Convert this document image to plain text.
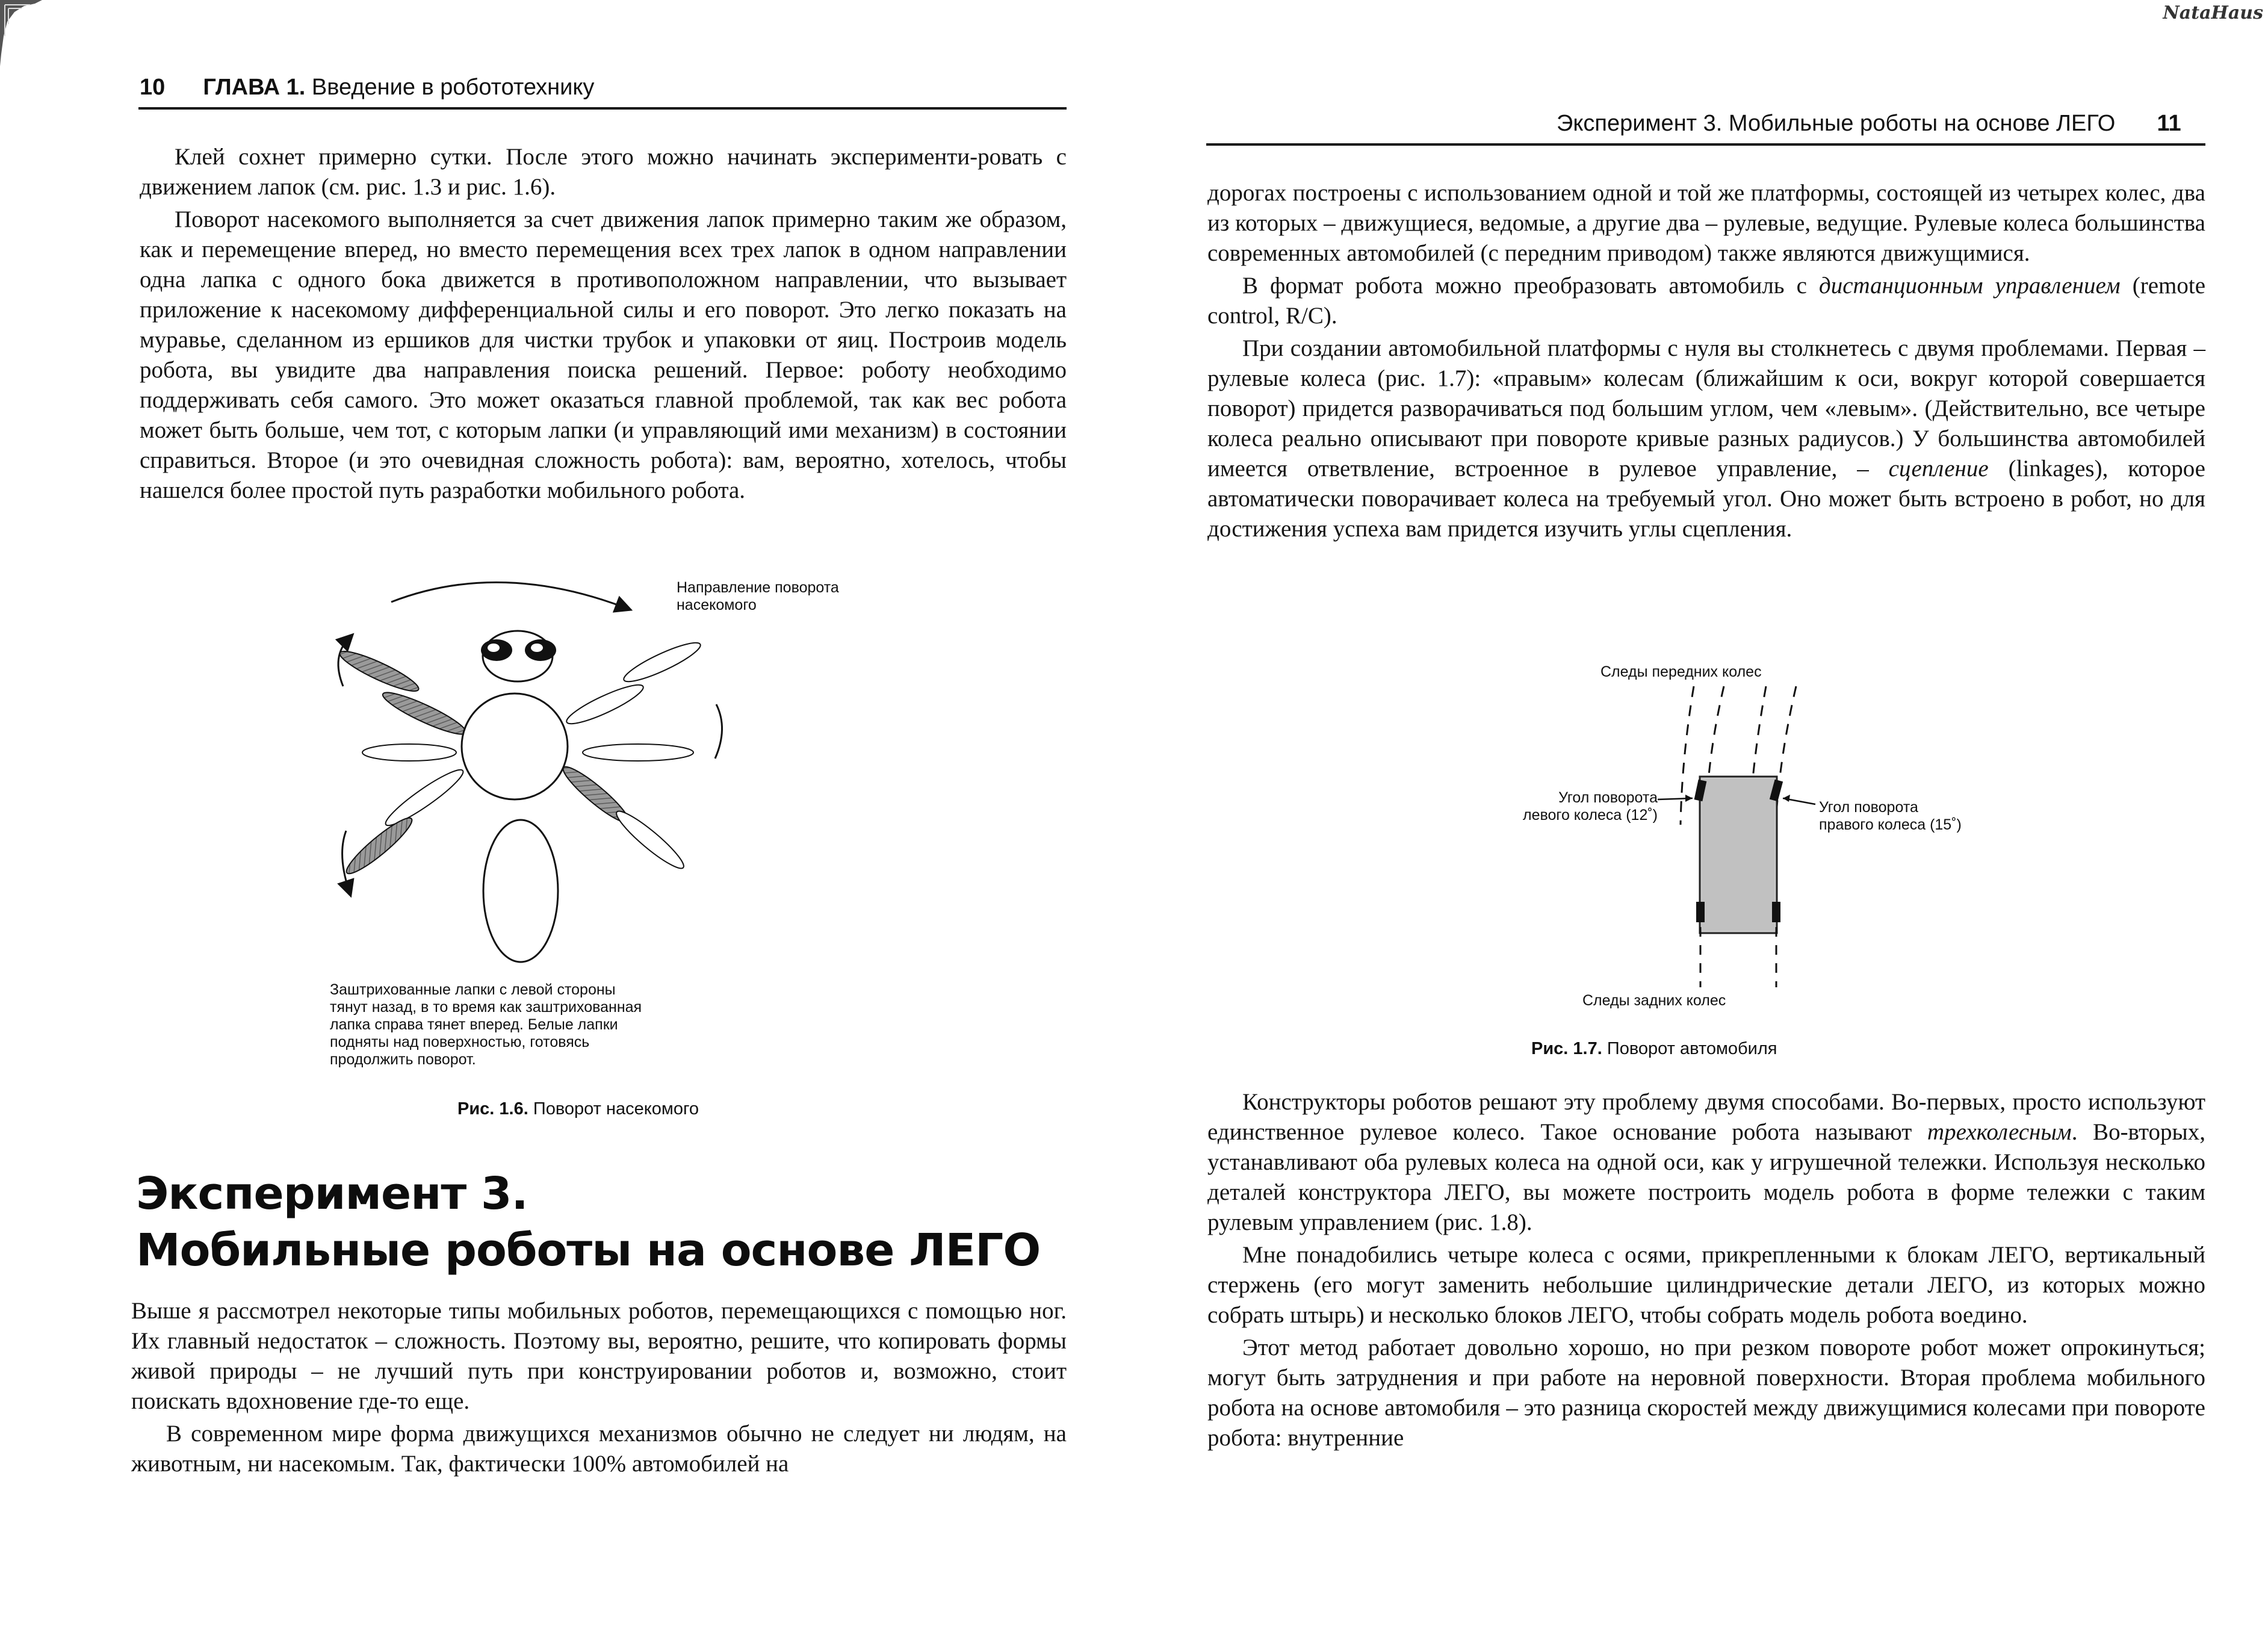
NataHaus
10 ГЛАВА 1. Введение в робототехнику

Клей сохнет примерно сутки. После этого можно начинать эксперименти-ровать с движением лапок (см. рис. 1.3 и рис. 1.6).

Поворот насекомого выполняется за счет движения лапок примерно таким же образом, как и перемещение вперед, но вместо перемещения всех трех лапок в одном направлении одна лапка с одного бока движется в противоположном направлении, что вызывает приложение к насекомому дифференциальной силы и его поворот. Это легко показать на муравье, сделанном из ершиков для чистки трубок и упаковки от яиц. Построив модель робота, вы увидите два направления поиска решений. Первое: роботу необходимо поддерживать себя самого. Это может оказаться главной проблемой, так как вес робота может быть больше, чем тот, с которым лапки (и управляющий ими механизм) в состоянии справиться. Второе (и это очевидная сложность робота): вам, вероятно, хотелось, чтобы нашелся более простой путь разработки мобильного робота.

Направление поворота
насекомого
Заштрихованные лапки с левой стороны
тянут назад, в то время как заштрихованная
лапка справа тянет вперед. Белые лапки
подняты над поверхностью, готовясь
продолжить поворот.
Рис. 1.6. Поворот насекомого
Эксперимент 3.
Мобильные роботы на основе ЛЕГО

Выше я рассмотрел некоторые типы мобильных роботов, перемещающихся с помощью ног. Их главный недостаток – сложность. Поэтому вы, вероятно, решите, что копировать формы живой природы – не лучший путь при конструировании роботов и, возможно, стоит поискать вдохновение где-то еще.

В современном мире форма движущихся механизмов обычно не следует ни людям, на животным, ни насекомым. Так, фактически 100% автомобилей на

Эксперимент 3. Мобильные роботы на основе ЛЕГО 11

дорогах построены с использованием одной и той же платформы, состоящей из четырех колес, два из которых – движущиеся, ведомые, а другие два – рулевые, ведущие. Рулевые колеса большинства современных автомобилей (с передним приводом) также являются движущимися.

В формат робота можно преобразовать автомобиль с дистанционным управлением (remote control, R/C).

При создании автомобильной платформы с нуля вы столкнетесь с двумя проблемами. Первая – рулевые колеса (рис. 1.7): «правым» колесам (ближайшим к оси, вокруг которой совершается поворот) придется разворачиваться под большим углом, чем «левым». (Действительно, все четыре колеса реально описывают при повороте кривые разных радиусов.) У большинства автомобилей имеется ответвление, встроенное в рулевое управление, – сцепление (linkages), которое автоматически поворачивает колеса на требуемый угол. Оно может быть встроено в робот, но для достижения успеха вам придется изучить углы сцепления.

Следы передних колес
Угол поворота
левого колеса (12˚)	Угол поворота
правого колеса (15˚)
Следы задних колес
Рис. 1.7. Поворот автомобиля

Конструкторы роботов решают эту проблему двумя способами. Во-первых, просто используют единственное рулевое колесо. Такое основание робота называют трехколесным. Во-вторых, устанавливают оба рулевых колеса на одной оси, как у игрушечной тележки. Используя несколько деталей конструктора ЛЕГО, вы можете построить модель робота в форме тележки с таким рулевым управлением (рис. 1.8).

Мне понадобились четыре колеса с осями, прикрепленными к блокам ЛЕГО, вертикальный стержень (его могут заменить небольшие цилиндрические детали ЛЕГО, из которых можно собрать штырь) и несколько блоков ЛЕГО, чтобы собрать модель робота воедино.

Этот метод работает довольно хорошо, но при резком повороте робот может опрокинуться; могут быть затруднения и при работе на неровной поверхности. Вторая проблема мобильного робота на основе автомобиля – это разница скоростей между движущимися колесами при повороте робота: внутренние
